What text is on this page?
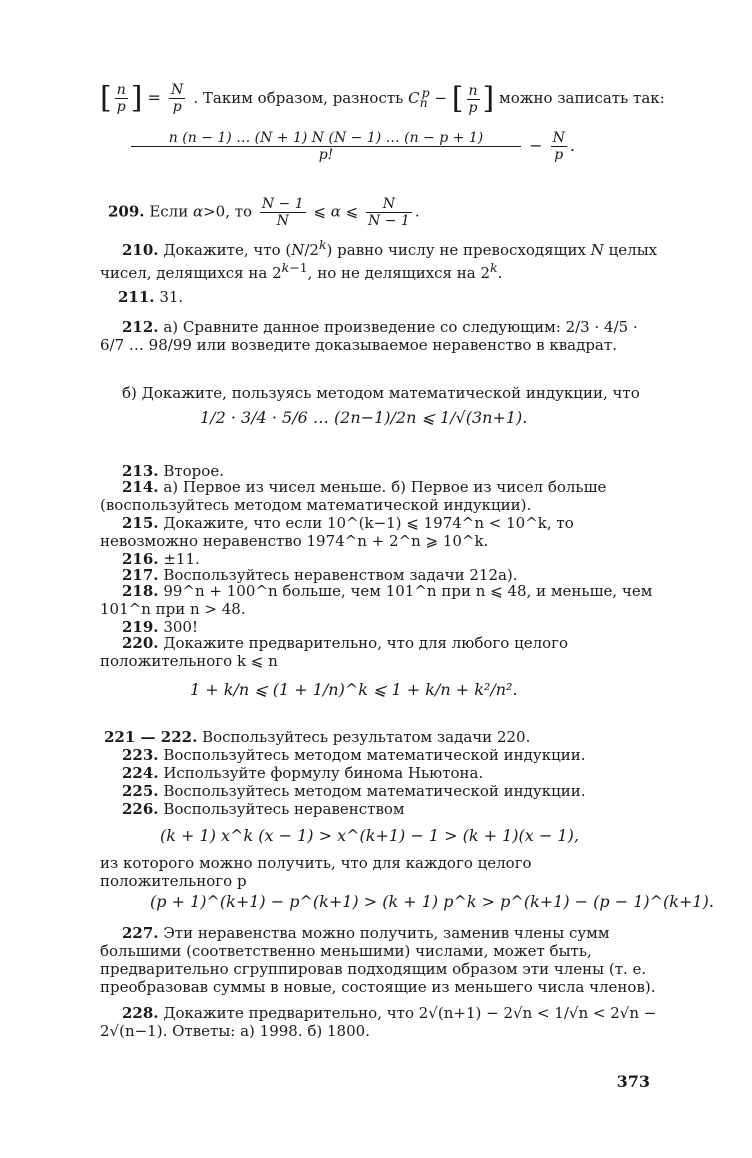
[ $\frac{n}{p}$ ] = $\frac{N}{p}$ . Таким образом, разность $C_n^p$ − [ $\frac{n}{p}$ ] можно записать так:
$\frac{n (n - 1) \dots (N + 1) N (N - 1) \dots (n - p + 1)}{p!} - \frac{N}{p}$ .
209. Если α>0, то $\frac{N - 1}{N}$ ⩽ α ⩽ $\frac{N}{N - 1}$ .
210. Докажите, что (N/2$^k$) равно числу не превосходящих N целых чисел, делящихся на $2^{k-1}$, но не делящихся на 2$^k$.
211. 31.
212. а) Сравните данное произведение со следующим: 2/3 · 4/5 · 6/7 … 98/99 или возведите доказываемое неравенство в квадрат.
б) Докажите, пользуясь методом математической индукции, что
1/2 · 3/4 · 5/6 … (2n−1)/2n ⩽ 1/√(3n+1).
213. Второе.
214. а) Первое из чисел меньше. б) Первое из чисел больше (воспользуйтесь методом математической индукции).
215. Докажите, что если 10^(k−1) ⩽ 1974^n < 10^k, то невозможно неравенство 1974^n + 2^n ⩾ 10^k.
216. ±11.
217. Воспользуйтесь неравенством задачи 212а).
218. 99^n + 100^n больше, чем 101^n при n ⩽ 48, и меньше, чем 101^n при n > 48.
219. 300!
220. Докажите предварительно, что для любого целого положительного k ⩽ n
1 + k/n ⩽ (1 + 1/n)^k ⩽ 1 + k/n + k²/n².
221 — 222. Воспользуйтесь результатом задачи 220.
223. Воспользуйтесь методом математической индукции.
224. Используйте формулу бинома Ньютона.
225. Воспользуйтесь методом математической индукции.
226. Воспользуйтесь неравенством
(k + 1) x^k (x − 1) > x^(k+1) − 1 > (k + 1)(x − 1),
из которого можно получить, что для каждого целого положительного p
(p + 1)^(k+1) − p^(k+1) > (k + 1) p^k > p^(k+1) − (p − 1)^(k+1).
227. Эти неравенства можно получить, заменив члены сумм большими (соответственно меньшими) числами, может быть, предварительно сгруппировав подходящим образом эти члены (т. е. преобразовав суммы в новые, состоящие из меньшего числа членов).
228. Докажите предварительно, что 2√(n+1) − 2√n < 1/√n < 2√n − 2√(n−1). Ответы: а) 1998. б) 1800.
373
